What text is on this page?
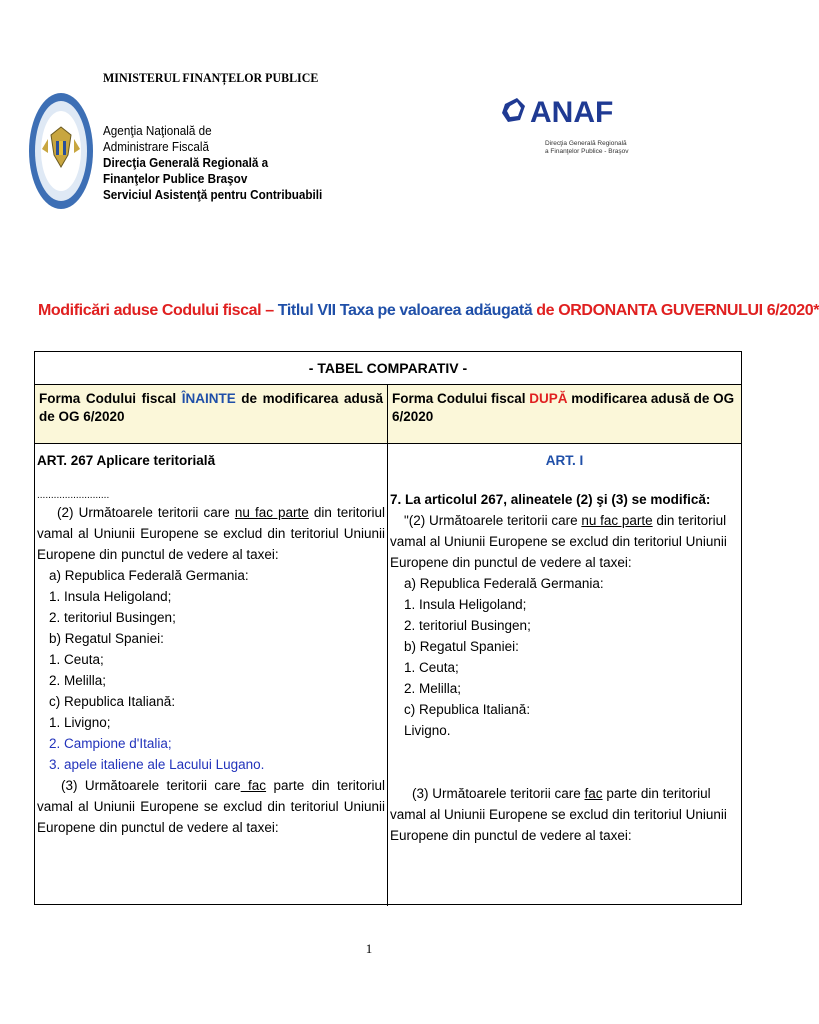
MINISTERUL FINANȚELOR PUBLICE
Agenţia Naţională de
Administrare Fiscală
Direcţia Generală Regională a
Finanţelor Publice Braşov
Serviciul Asistenţă pentru Contribuabili
ANAF
Direcţia Generală Regională
a Finanţelor Publice - Braşov
Modificări aduse Codului fiscal – Titlul VII Taxa pe valoarea adăugată de ORDONANTA GUVERNULUI 6/2020*
- TABEL COMPARATIV -
Forma Codului fiscal ÎNAINTE de modificarea adusă de OG 6/2020
Forma Codului fiscal DUPĂ modificarea adusă de OG 6/2020
ART. 267 Aplicare teritorială
..........................
(2) Următoarele teritorii care nu fac parte din teritoriul vamal al Uniunii Europene se exclud din teritoriul Uniunii Europene din punctul de vedere al taxei:
a) Republica Federală Germania:
1. Insula Heligoland;
2. teritoriul Busingen;
b) Regatul Spaniei:
1. Ceuta;
2. Melilla;
c) Republica Italiană:
1. Livigno;
2. Campione d'Italia;
3. apele italiene ale Lacului Lugano.
(3) Următoarele teritorii care fac parte din teritoriul vamal al Uniunii Europene se exclud din teritoriul Uniunii Europene din punctul de vedere al taxei:
ART. I
7. La articolul 267, alineatele (2) şi (3) se modifică:
"(2) Următoarele teritorii care nu fac parte din teritoriul vamal al Uniunii Europene se exclud din teritoriul Uniunii Europene din punctul de vedere al taxei:
a) Republica Federală Germania:
1. Insula Heligoland;
2. teritoriul Busingen;
b) Regatul Spaniei:
1. Ceuta;
2. Melilla;
c) Republica Italiană:
Livigno.
(3) Următoarele teritorii care fac parte din teritoriul vamal al Uniunii Europene se exclud din teritoriul Uniunii Europene din punctul de vedere al taxei:
1
